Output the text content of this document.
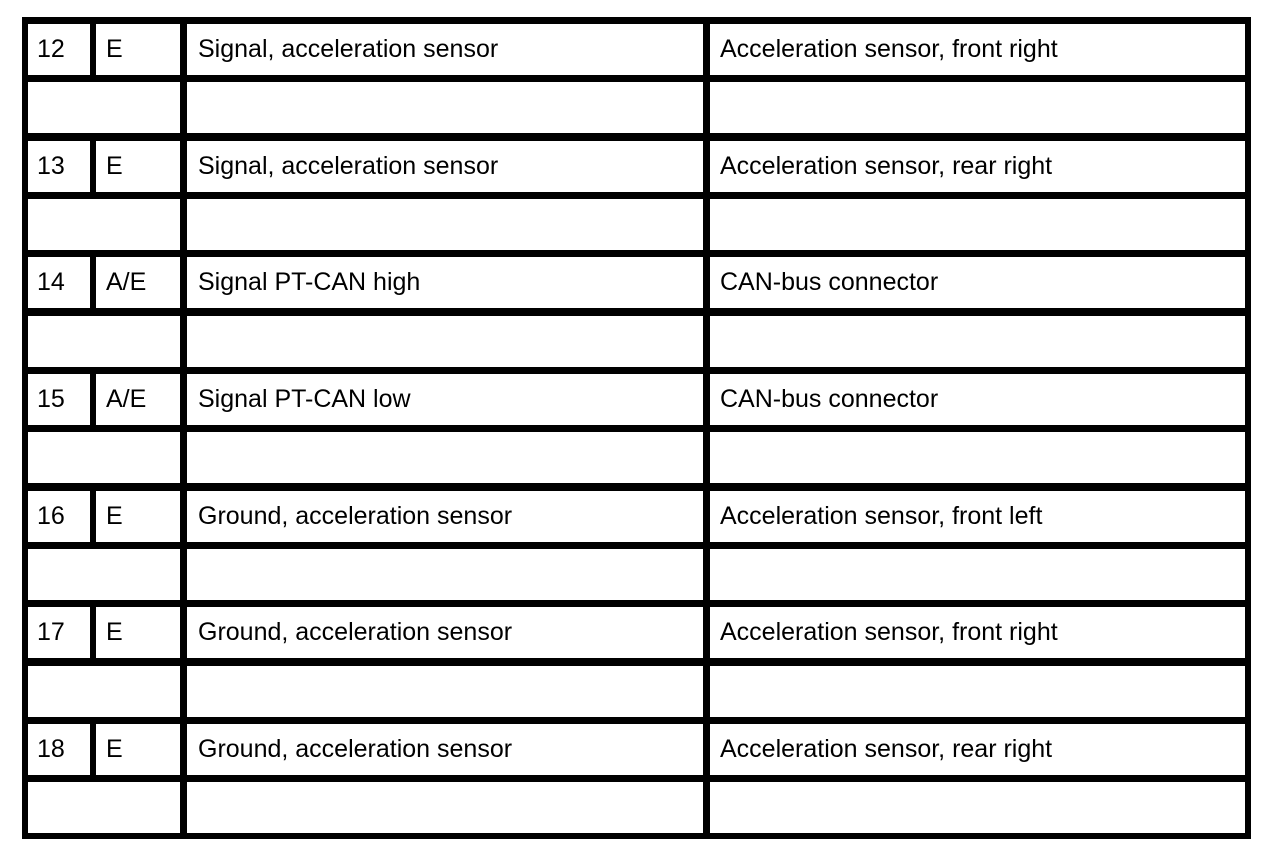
12 E	Signal, acceleration sensor	Acceleration sensor, front right
13 E	Signal, acceleration sensor	Acceleration sensor, rear right
14 A/E Signal PT-CAN high	CAN-bus connector
15 A/E Signal PT-CAN low	CAN-bus connector
16 E	Ground, acceleration sensor	Acceleration sensor, front left
17 E	Ground, acceleration sensor	Acceleration sensor, front right
18 E	Ground, acceleration sensor	Acceleration sensor, rear right
